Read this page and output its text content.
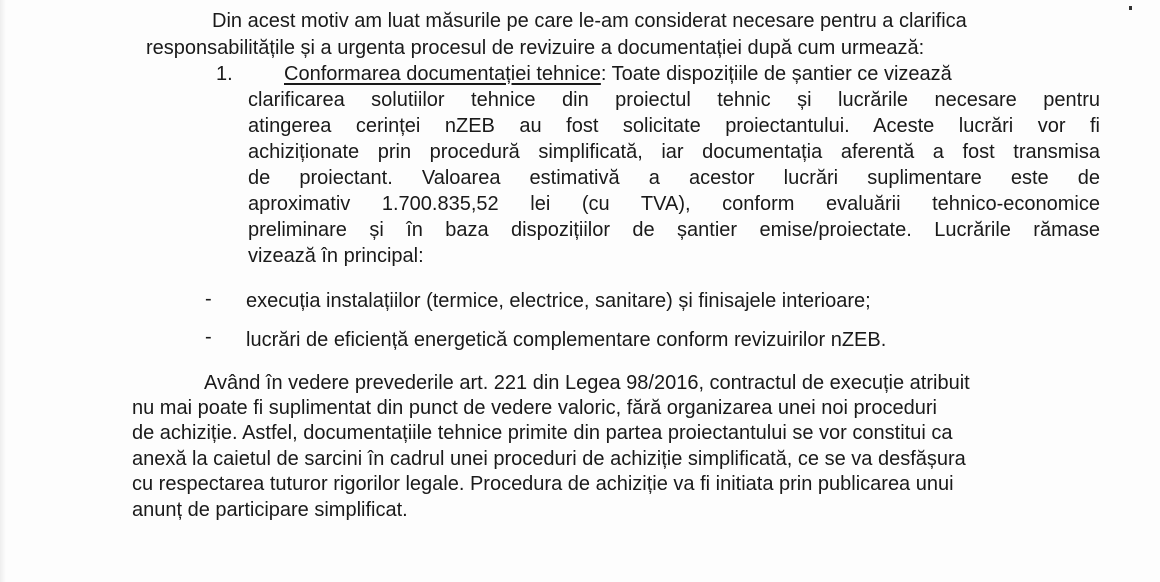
Din acest motiv am luat măsurile pe care le-am considerat necesare pentru a clarifica
responsabilitățile și a urgenta procesul de revizuire a documentației după cum urmează:
1.	Conformarea documentației tehnice: Toate dispozițiile de șantier ce vizează
clarificarea solutiilor tehnice din proiectul tehnic și lucrările necesare pentru
atingerea cerinței nZEB au fost solicitate proiectantului. Aceste lucrări vor fi
achiziționate prin procedură simplificată, iar documentația aferentă a fost transmisa
de proiectant. Valoarea estimativă a acestor lucrări suplimentare este de
aproximativ 1.700.835,52 lei (cu TVA), conform evaluării tehnico-economice
preliminare și în baza dispozițiilor de șantier emise/proiectate. Lucrările rămase
vizează în principal:
- execuția instalațiilor (termice, electrice, sanitare) și finisajele interioare;
- lucrări de eficiență energetică complementare conform revizuirilor nZEB.
Având în vedere prevederile art. 221 din Legea 98/2016, contractul de execuție atribuit
nu mai poate fi suplimentat din punct de vedere valoric, fără organizarea unei noi proceduri
de achiziție. Astfel, documentațiile tehnice primite din partea proiectantului se vor constitui ca
anexă la caietul de sarcini în cadrul unei proceduri de achiziție simplificată, ce se va desfășura
cu respectarea tuturor rigorilor legale. Procedura de achiziție va fi initiata prin publicarea unui
anunț de participare simplificat.
